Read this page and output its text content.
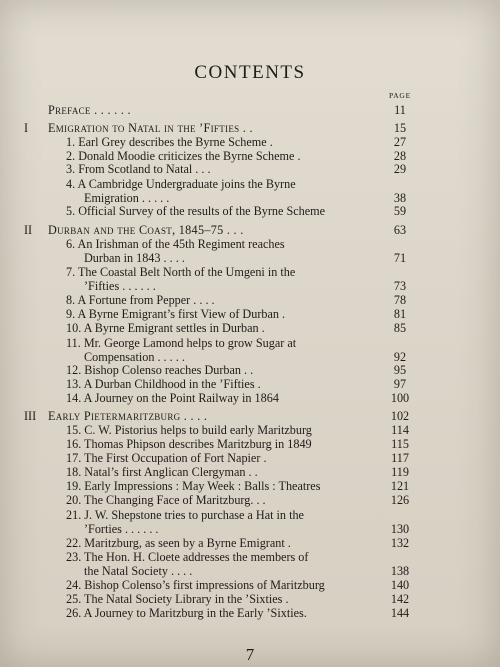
CONTENTS
PAGE
Preface . . . . . .	11
I Emigration to Natal in the ’Fifties . .	15
1. Earl Grey describes the Byrne Scheme .	27
2. Donald Moodie criticizes the Byrne Scheme .	28
3. From Scotland to Natal . . .	29
4. A Cambridge Undergraduate joins the Byrne
Emigration . . . . .	38
5. Official Survey of the results of the Byrne Scheme	59
II Durban and the Coast, 1845–75 . . .	63
6. An Irishman of the 45th Regiment reaches
Durban in 1843 . . . .	71
7. The Coastal Belt North of the Umgeni in the
’Fifties . . . . . .	73
8. A Fortune from Pepper . . . .	78
9. A Byrne Emigrant’s first View of Durban .	81
10. A Byrne Emigrant settles in Durban .	85
11. Mr. George Lamond helps to grow Sugar at
Compensation . . . . .	92
12. Bishop Colenso reaches Durban . .	95
13. A Durban Childhood in the ’Fifties .	97
14. A Journey on the Point Railway in 1864	100
III Early Pietermaritzburg . . . .	102
15. C. W. Pistorius helps to build early Maritzburg	114
16. Thomas Phipson describes Maritzburg in 1849	115
17. The First Occupation of Fort Napier .	117
18. Natal’s first Anglican Clergyman . .	119
19. Early Impressions : May Week : Balls : Theatres	121
20. The Changing Face of Maritzburg. . .	126
21. J. W. Shepstone tries to purchase a Hat in the
’Forties . . . . . .	130
22. Maritzburg, as seen by a Byrne Emigrant .	132
23. The Hon. H. Cloete addresses the members of
the Natal Society . . . .	138
24. Bishop Colenso’s first impressions of Maritzburg	140
25. The Natal Society Library in the ’Sixties .	142
26. A Journey to Maritzburg in the Early ’Sixties.	144
7
